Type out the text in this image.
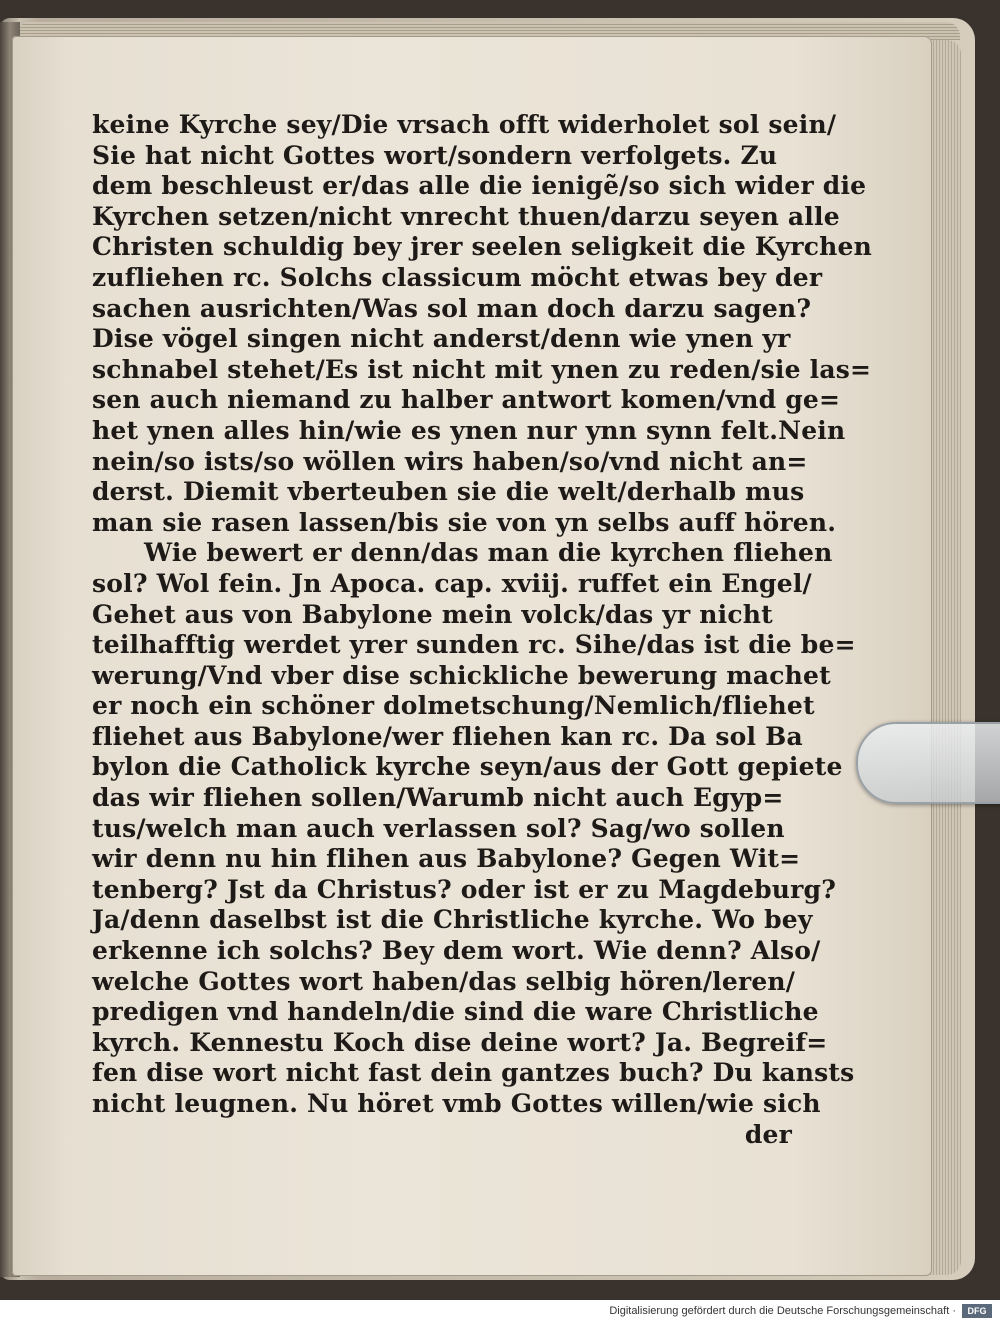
keine Kyrche sey/Die vrsach offt widerholet sol sein/
Sie hat nicht Gottes wort/sondern verfolgets. Zu
dem beschleust er/das alle die ienigẽ/so sich wider die
Kyrchen setzen/nicht vnrecht thuen/darzu seyen alle
Christen schuldig bey jrer seelen seligkeit die Kyrchen
zufliehen rc. Solchs classicum möcht etwas bey der
sachen ausrichten/Was sol man doch darzu sagen?
Dise vögel singen nicht anderst/denn wie ynen yr
schnabel stehet/Es ist nicht mit ynen zu reden/sie las=
sen auch niemand zu halber antwort komen/vnd ge=
het ynen alles hin/wie es ynen nur ynn synn felt.Nein
nein/so ists/so wöllen wirs haben/so/vnd nicht an=
derst. Diemit vberteuben sie die welt/derhalb mus
man sie rasen lassen/bis sie von yn selbs auff hören.
Wie bewert er denn/das man die kyrchen fliehen
sol? Wol fein. Jn Apoca. cap. xviij. ruffet ein Engel/
Gehet aus von Babylone mein volck/das yr nicht
teilhafftig werdet yrer sunden rc. Sihe/das ist die be=
werung/Vnd vber dise schickliche bewerung machet
er noch ein schöner dolmetschung/Nemlich/fliehet
fliehet aus Babylone/wer fliehen kan rc. Da sol Ba
bylon die Catholick kyrche seyn/aus der Gott gepiete
das wir fliehen sollen/Warumb nicht auch Egyp=
tus/welch man auch verlassen sol? Sag/wo sollen
wir denn nu hin flihen aus Babylone? Gegen Wit=
tenberg? Jst da Christus? oder ist er zu Magdeburg?
Ja/denn daselbst ist die Christliche kyrche. Wo bey
erkenne ich solchs? Bey dem wort. Wie denn? Also/
welche Gottes wort haben/das selbig hören/leren/
predigen vnd handeln/die sind die ware Christliche
kyrch. Kennestu Koch dise deine wort? Ja. Begreif=
fen dise wort nicht fast dein gantzes buch? Du kansts
nicht leugnen. Nu höret vmb Gottes willen/wie sich
der
Digitalisierung gefördert durch die Deutsche Forschungsgemeinschaft ·	DFG
